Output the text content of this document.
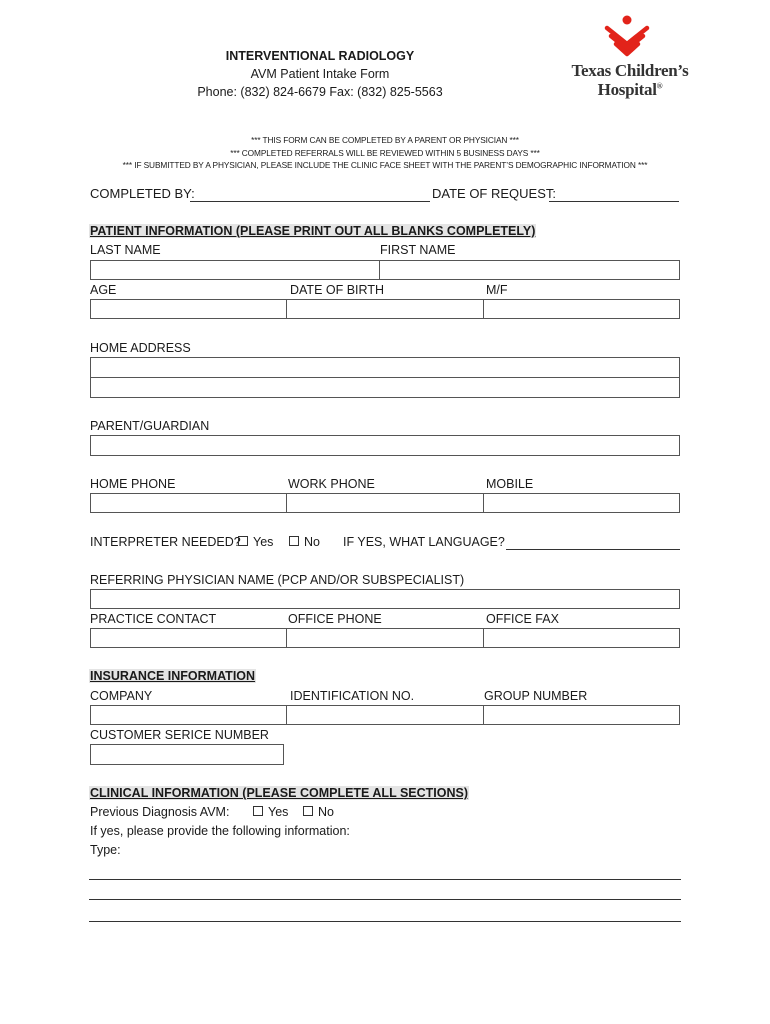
INTERVENTIONAL RADIOLOGY
AVM Patient Intake Form
Phone: (832) 824-6679 Fax: (832) 825-5563
Texas Children’s
Hospital®
*** THIS FORM CAN BE COMPLETED BY A PARENT OR PHYSICIAN ***
*** COMPLETED REFERRALS WILL BE REVIEWED WITHIN 5 BUSINESS DAYS ***
*** IF SUBMITTED BY A PHYSICIAN, PLEASE INCLUDE THE CLINIC FACE SHEET WITH THE PARENT’S DEMOGRAPHIC INFORMATION ***
COMPLETED BY:	DATE OF REQUEST:
PATIENT INFORMATION (PLEASE PRINT OUT ALL BLANKS COMPLETELY)
LAST NAME	FIRST NAME
AGE	DATE OF BIRTH	M/F
HOME ADDRESS
PARENT/GUARDIAN
HOME PHONE	WORK PHONE	MOBILE
INTERPRETER NEEDED? Yes	No IF YES, WHAT LANGUAGE?
REFERRING PHYSICIAN NAME (PCP AND/OR SUBSPECIALIST)
PRACTICE CONTACT	OFFICE PHONE	OFFICE FAX
INSURANCE INFORMATION
COMPANY	IDENTIFICATION NO.	GROUP NUMBER
CUSTOMER SERICE NUMBER
CLINICAL INFORMATION (PLEASE COMPLETE ALL SECTIONS)
Previous Diagnosis AVM:	Yes	No
If yes, please provide the following information:
Type:
